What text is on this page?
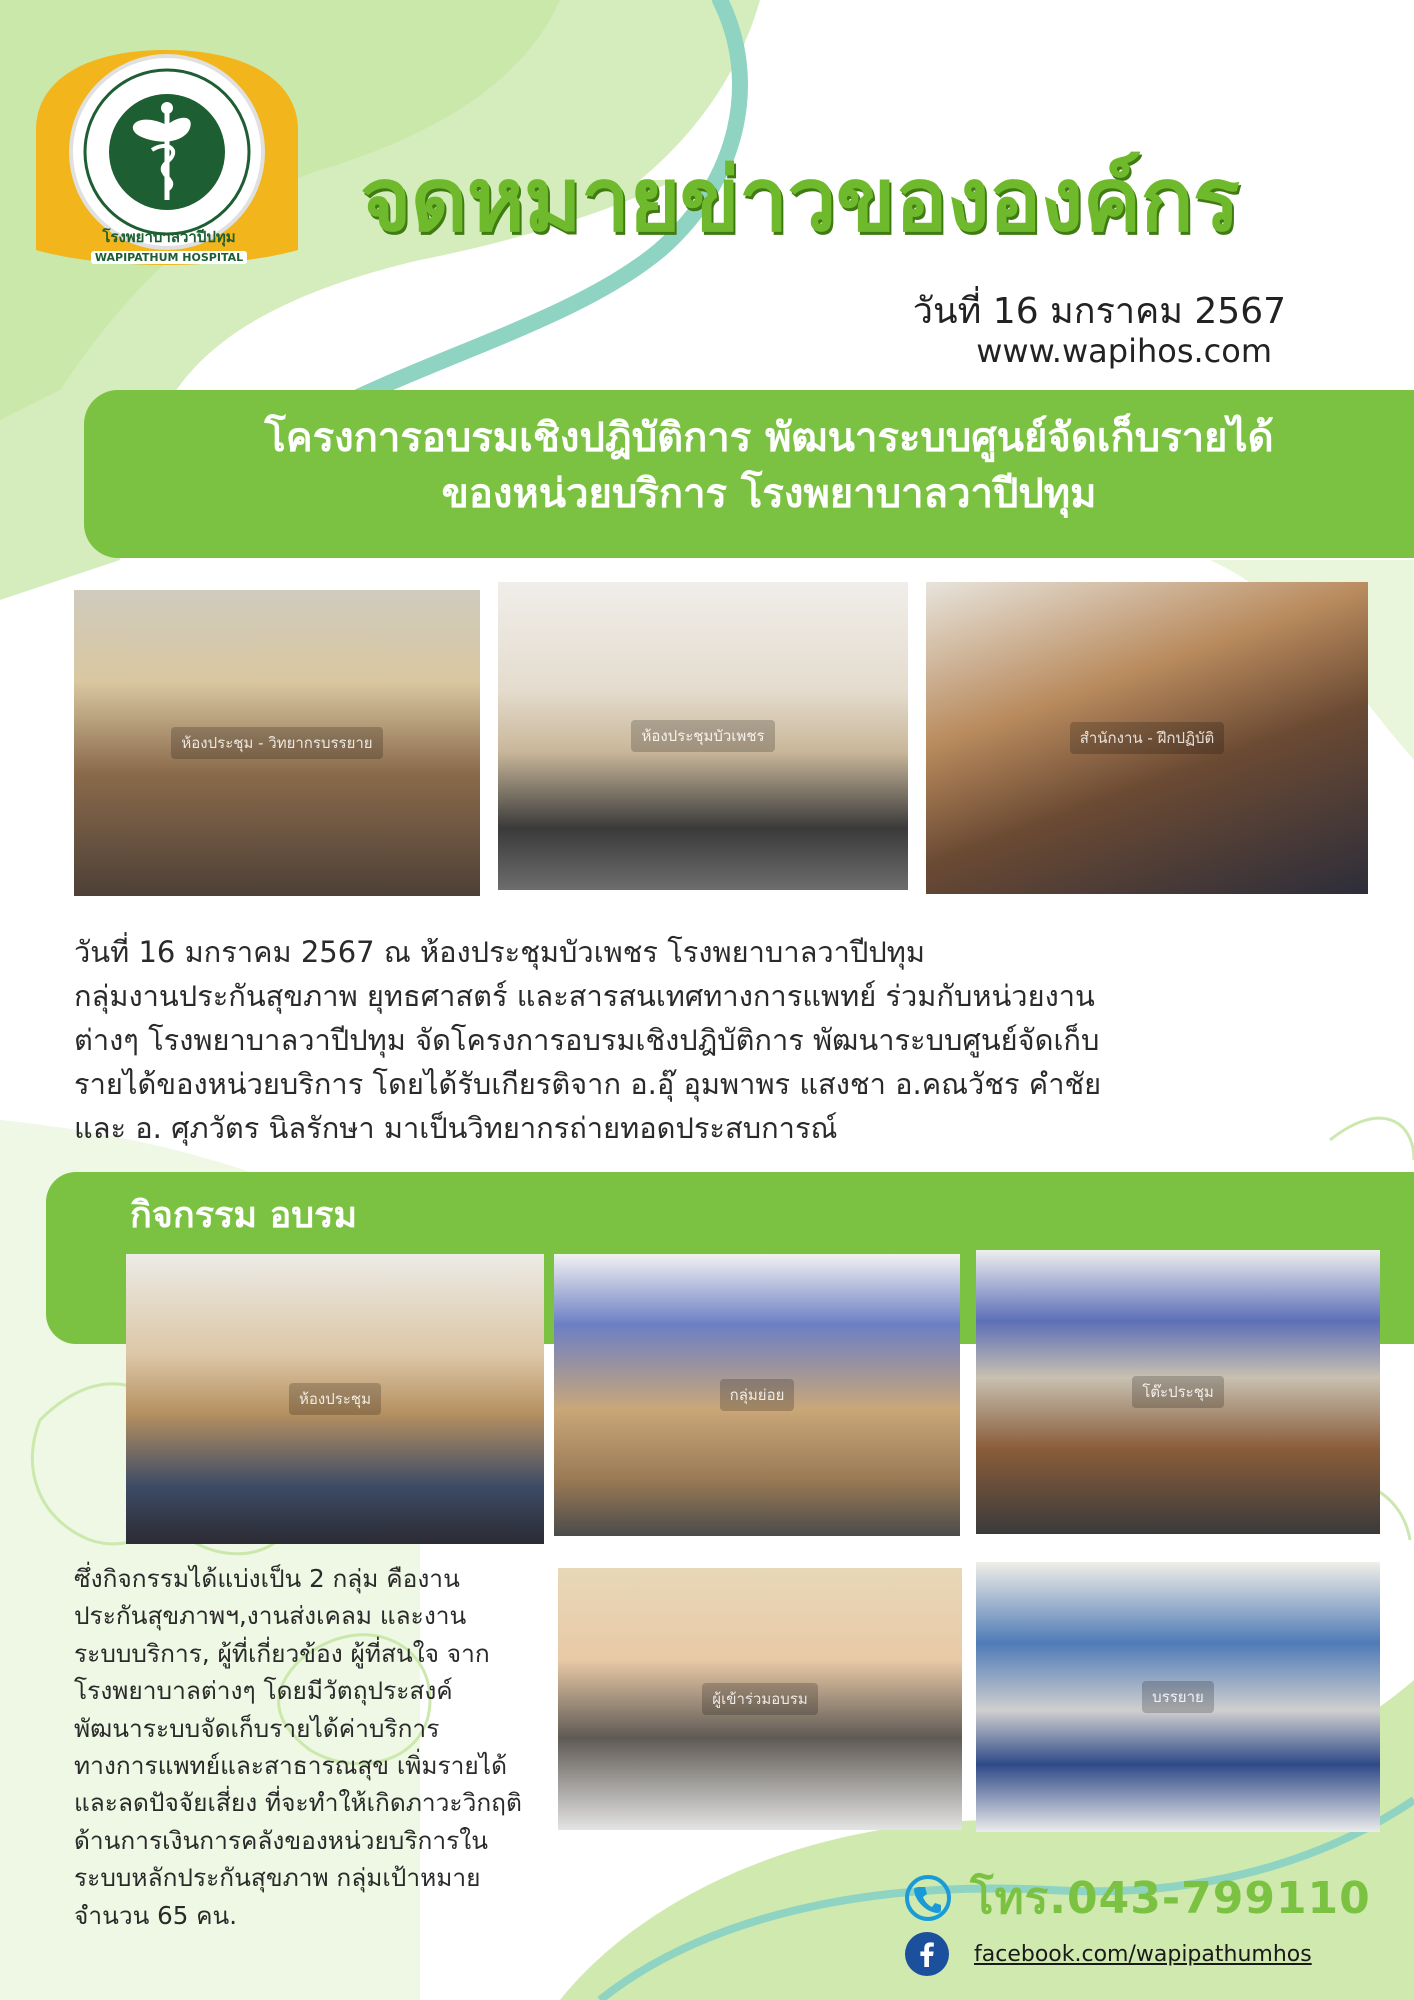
โรงพยาบาลวาปีปทุม
WAPIPATHUM HOSPITAL
จดหมายข่าวขององค์กร
วันที่ 16 มกราคม 2567
www.wapihos.com
โครงการอบรมเชิงปฎิบัติการ พัฒนาระบบศูนย์จัดเก็บรายได้
ของหน่วยบริการ โรงพยาบาลวาปีปทุม
ห้องประชุม - วิทยากรบรรยาย	ห้องประชุมบัวเพชร	สำนักงาน - ฝึกปฏิบัติ

วันที่ 16 มกราคม 2567 ณ ห้องประชุมบัวเพชร โรงพยาบาลวาปีปทุม

กลุ่มงานประกันสุขภาพ ยุทธศาสตร์ และสารสนเทศทางการแพทย์ ร่วมกับหน่วยงาน

ต่างๆ โรงพยาบาลวาปีปทุม จัดโครงการอบรมเชิงปฎิบัติการ พัฒนาระบบศูนย์จัดเก็บ

รายได้ของหน่วยบริการ โดยได้รับเกียรติจาก อ.อุ๊ อุมพาพร แสงชา อ.คณวัชร คำชัย

และ อ. ศุภวัตร นิลรักษา มาเป็นวิทยากรถ่ายทอดประสบการณ์

กิจกรรม อบรม
ห้องประชุม	กลุ่มย่อย	โต๊ะประชุม
ผู้เข้าร่วมอบรม	บรรยาย

ซึ่งกิจกรรมได้แบ่งเป็น 2 กลุ่ม คืองาน

ประกันสุขภาพฯ,งานส่งเคลม และงาน

ระบบบริการ, ผู้ที่เกี่ยวข้อง ผู้ที่สนใจ จาก

โรงพยาบาลต่างๆ โดยมีวัตถุประสงค์

พัฒนาระบบจัดเก็บรายได้ค่าบริการ

ทางการแพทย์และสาธารณสุข เพิ่มรายได้

และลดปัจจัยเสี่ยง ที่จะทำให้เกิดภาวะวิกฤติ

ด้านการเงินการคลังของหน่วยบริการใน

ระบบหลักประกันสุขภาพ กลุ่มเป้าหมาย

จำนวน 65 คน.	โทร.043-799110
facebook.com/wapipathumhos
